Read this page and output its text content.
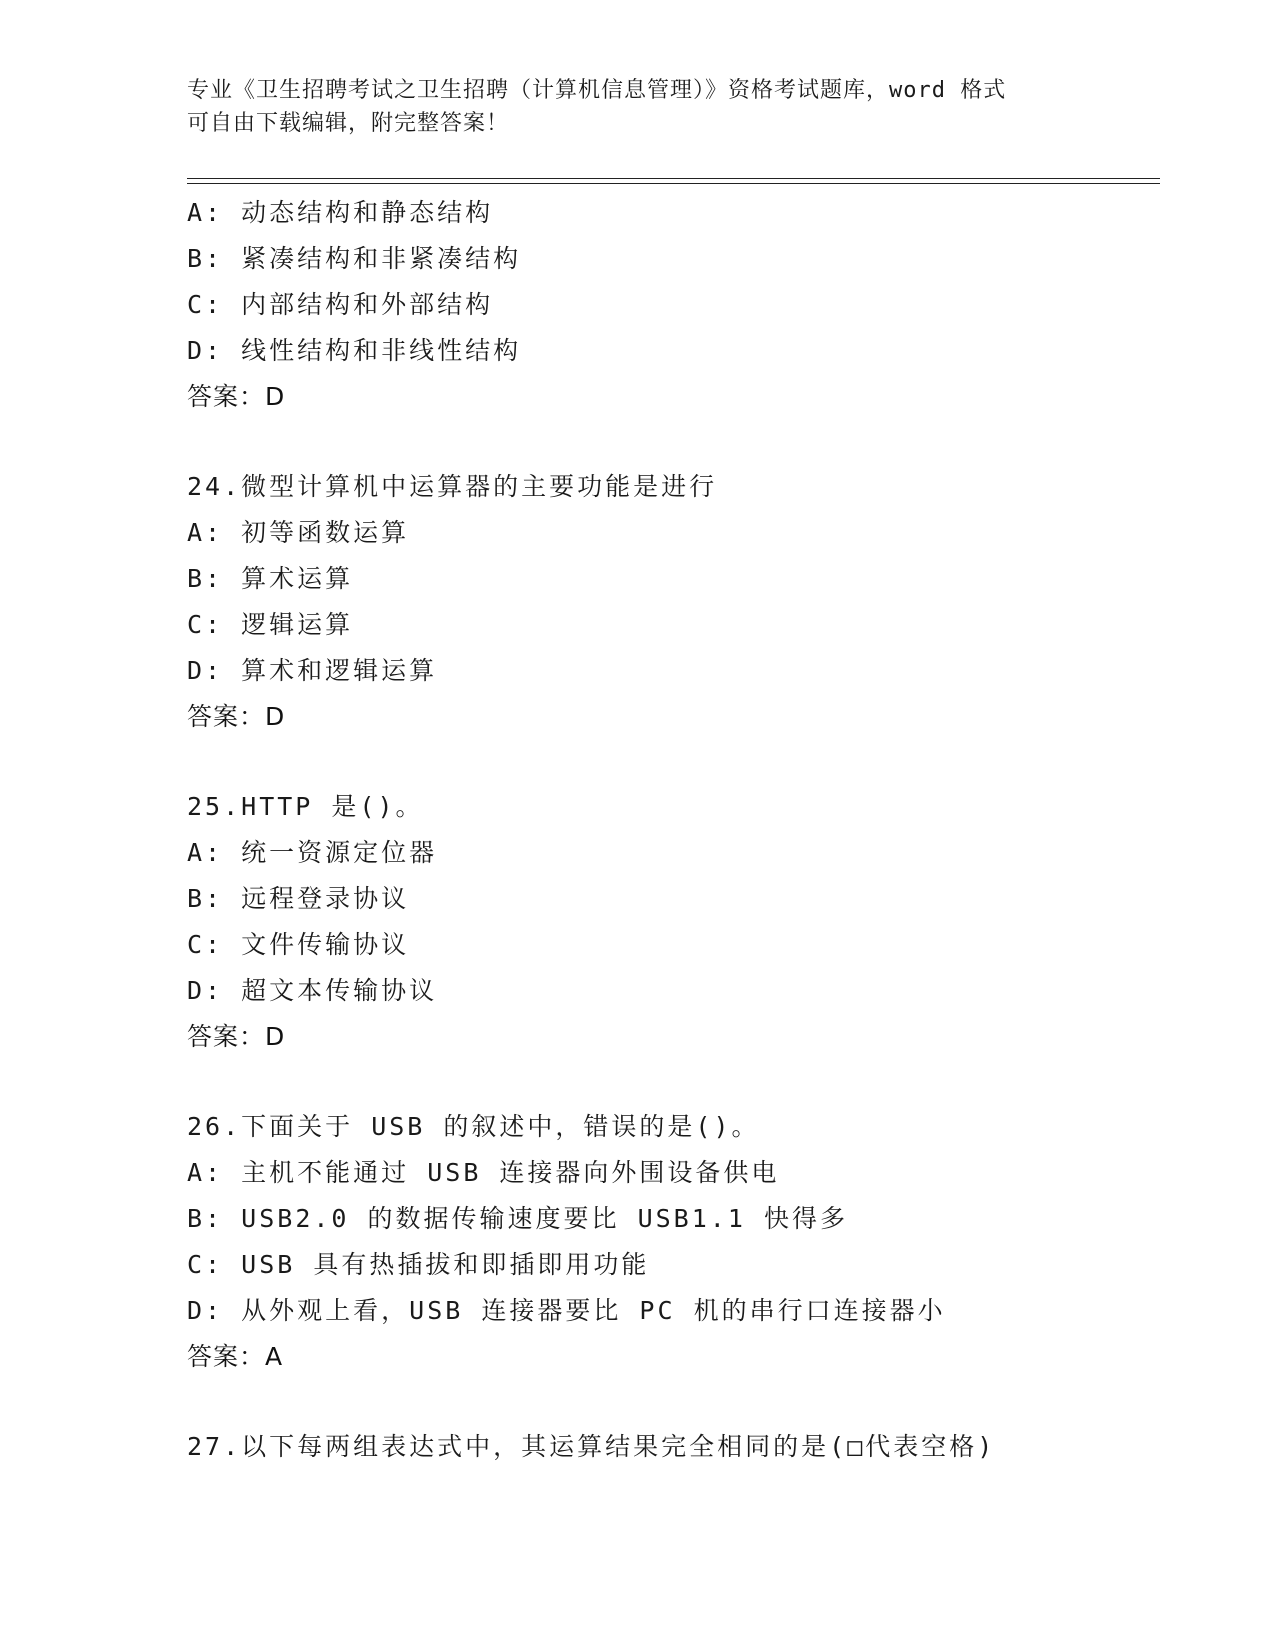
专业《卫生招聘考试之卫生招聘（计算机信息管理）》资格考试题库，word 格式
可自由下载编辑，附完整答案！
A: 动态结构和静态结构
B: 紧凑结构和非紧凑结构
C: 内部结构和外部结构
D: 线性结构和非线性结构
答案：D
24.微型计算机中运算器的主要功能是进行
A: 初等函数运算
B: 算术运算
C: 逻辑运算
D: 算术和逻辑运算
答案：D
25.HTTP 是()。
A: 统一资源定位器
B: 远程登录协议
C: 文件传输协议
D: 超文本传输协议
答案：D
26.下面关于 USB 的叙述中，错误的是()。
A: 主机不能通过 USB 连接器向外围设备供电
B: USB2.0 的数据传输速度要比 USB1.1 快得多
C: USB 具有热插拔和即插即用功能
D: 从外观上看，USB 连接器要比 PC 机的串行口连接器小
答案：A
27.以下每两组表达式中，其运算结果完全相同的是(□代表空格)
